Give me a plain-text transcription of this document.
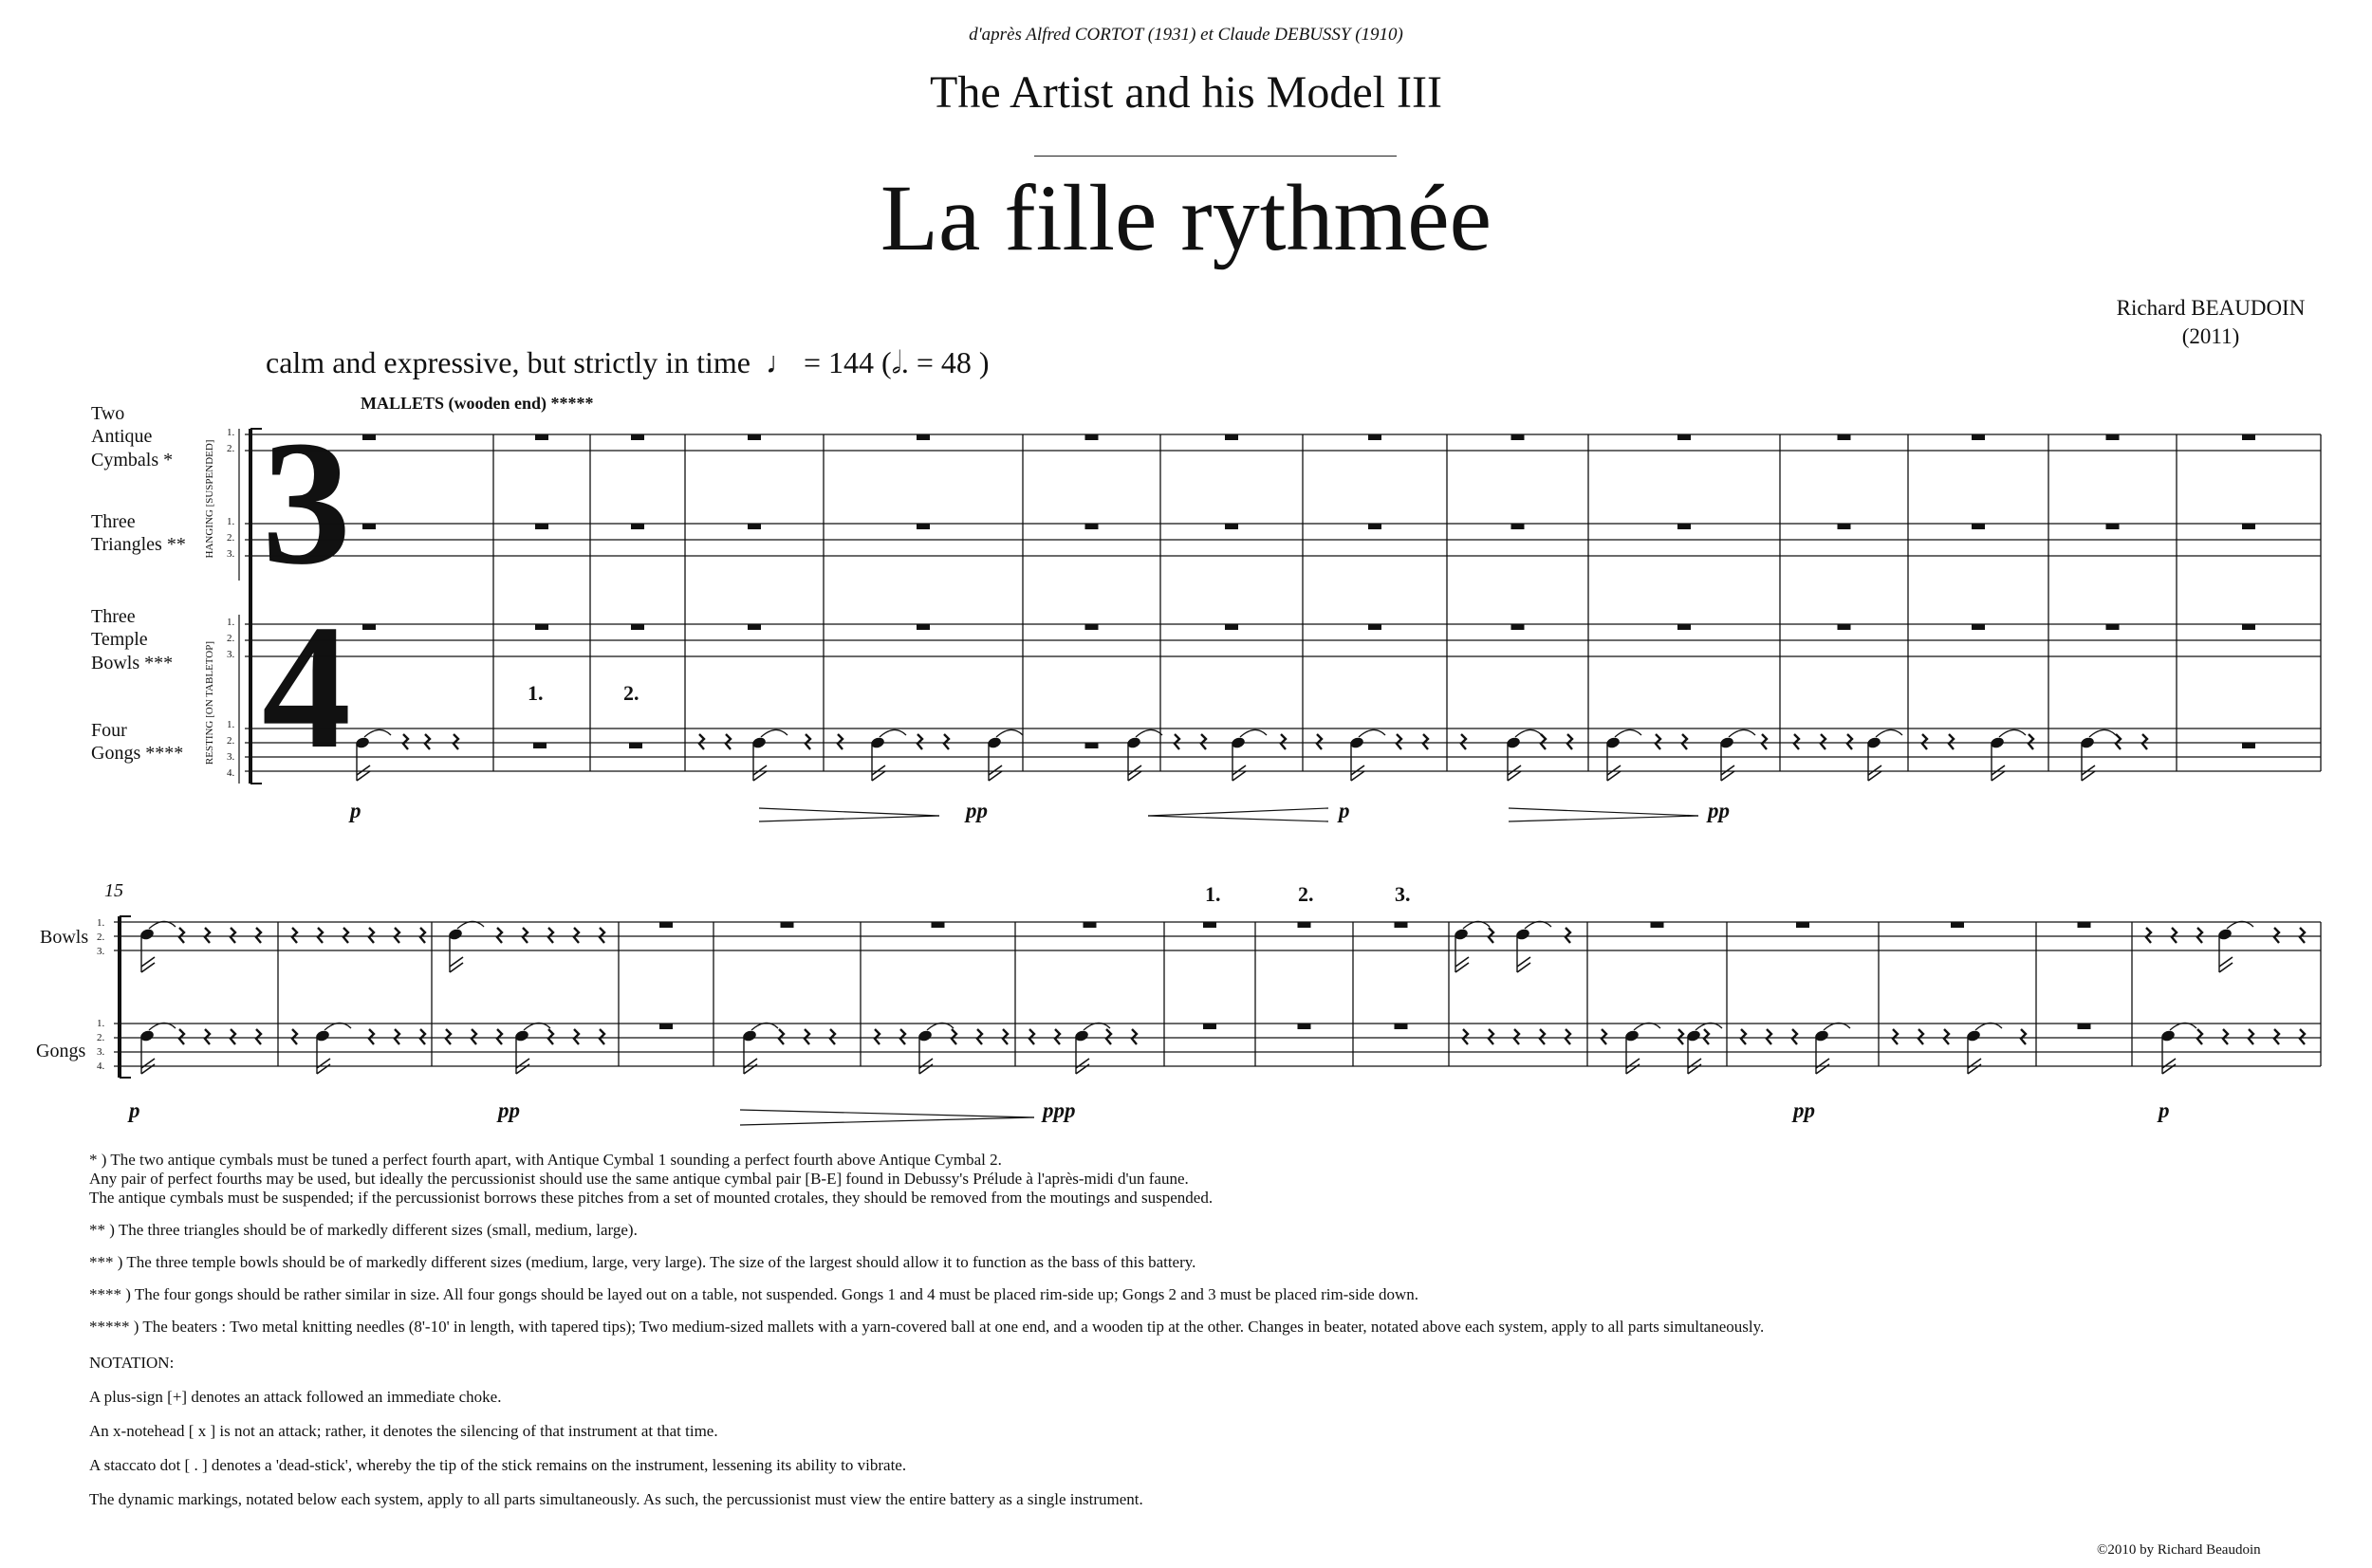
d'après Alfred CORTOT (1931) et Claude DEBUSSY (1910)
The Artist and his Model III
La fille rythmée
Richard BEAUDOIN
(2011)
calm and expressive, but strictly in time  ♩ = 144 (𝅗𝅥. = 48 )
MALLETS (wooden end) *****
Two
Antique
Cymbals *
Three
Triangles **
Three
Temple
Bowls ***
Four
Gongs ****
1.
2.
1.
2.
3.
1.
2.
3.
1.
2.
3.
4.
HANGING [SUSPENDED]
RESTING [ON TABLETOP]
3
4	1.	2.
p	pp	p	pp
15
Bowls
Gongs
1.
2.
3.
1.
2.
3.
4.
1.	2.	3.
p	pp	ppp	pp	p

* ) The two antique cymbals must be tuned a perfect fourth apart, with Antique Cymbal 1 sounding a perfect fourth above Antique Cymbal 2.

Any pair of perfect fourths may be used, but ideally the percussionist should use the same antique cymbal pair [B-E] found in Debussy's Prélude à l'après-midi d'un faune.

The antique cymbals must be suspended; if the percussionist borrows these pitches from a set of mounted crotales, they should be removed from the moutings and suspended.

** ) The three triangles should be of markedly different sizes (small, medium, large).

*** ) The three temple bowls should be of markedly different sizes (medium, large, very large). The size of the largest should allow it to function as the bass of this battery.

**** ) The four gongs should be rather similar in size. All four gongs should be layed out on a table, not suspended. Gongs 1 and 4 must be placed rim-side up; Gongs 2 and 3 must be placed rim-side down.

***** ) The beaters : Two metal knitting needles (8'-10' in length, with tapered tips); Two medium-sized mallets with a yarn-covered ball at one end, and a wooden tip at the other. Changes in beater, notated above each system, apply to all parts simultaneously.

NOTATION:

A plus-sign [+] denotes an attack followed an immediate choke.

An x-notehead [ x ] is not an attack; rather, it denotes the silencing of that instrument at that time.

A staccato dot [ . ] denotes a 'dead-stick', whereby the tip of the stick remains on the instrument, lessening its ability to vibrate.

The dynamic markings, notated below each system, apply to all parts simultaneously. As such, the percussionist must view the entire battery as a single instrument.

©2010 by Richard Beaudoin
